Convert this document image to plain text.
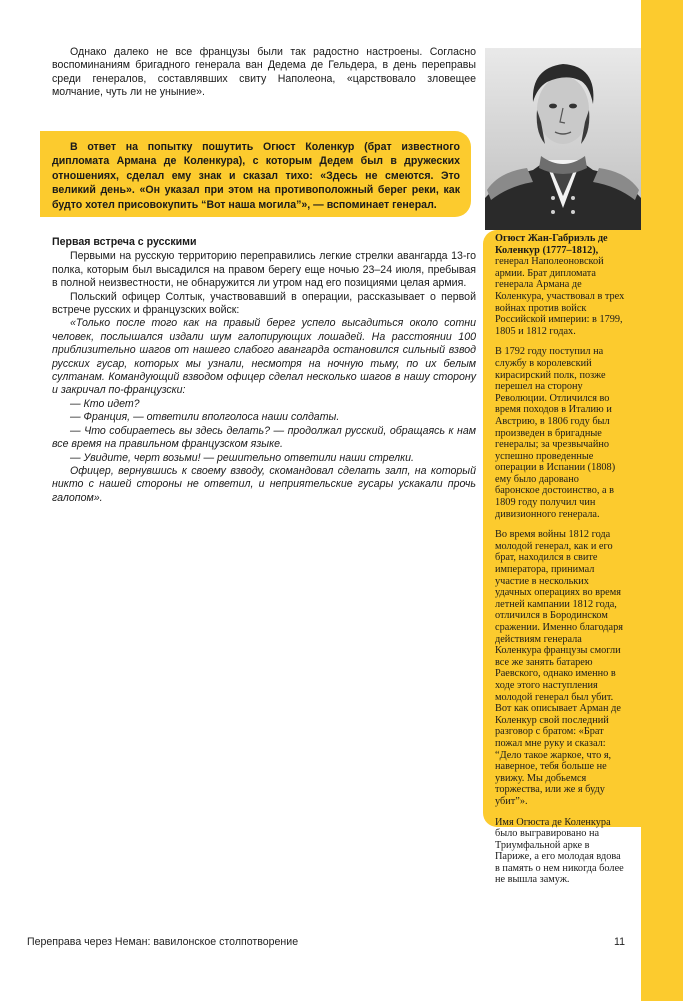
Однако далеко не все французы были так радостно настроены. Согласно воспоминаниям бригадного генерала ван Дедема де Гельдера, в день переправы среди генералов, составлявших свиту Наполеона, «царствовало зловещее молчание, чуть ли не уныние».

В ответ на попытку пошутить Огюст Коленкур (брат известного дипломата Армана де Коленкура), с которым Дедем был в дружеских отношениях, сделал ему знак и сказал тихо: «Здесь не смеются. Это великий день». «Он указал при этом на противоположный берег реки, как будто хотел присовокупить “Вот наша могила”», — вспоминает генерал.

Первая встреча с русскими

Первыми на русскую территорию переправились легкие стрелки авангарда 13-го полка, которым был высадился на правом берегу еще ночью 23–24 июля, пребывая в полной неизвестности, не обнаружится ли утром над его позициями целая армия.

Польский офицер Солтык, участвовавший в операции, рассказывает о первой встрече русских и французских войск:

«Только после того как на правый берег успело высадиться около сотни человек, послышался издали шум галопирующих лошадей. На расстоянии 100 приблизительно шагов от нашего слабого авангарда остановился сильный взвод русских гусар, которых мы узнали, несмотря на ночную тьму, по их белым султанам. Командующий взводом офицер сделал несколько шагов в нашу сторону и закричал по-французски:

— Кто идет?

— Франция, — ответили вполголоса наши солдаты.

— Что собираетесь вы здесь делать? — продолжал русский, обращаясь к нам все время на правильном французском языке.

— Увидите, черт возьми! — решительно ответили наши стрелки.

Офицер, вернувшись к своему взводу, скомандовал сделать залп, на который никто с нашей стороны не ответил, и неприятельские гусары ускакали прочь галопом».

Огюст Жан-Габриэль де Коленкур (1777–1812), генерал Наполеоновской армии. Брат дипломата генерала Армана де Коленкура, участвовал в трех войнах против войск Российской империи: в 1799, 1805 и 1812 годах.

В 1792 году поступил на службу в королевский кирасирский полк, позже перешел на сторону Революции. Отличился во время походов в Италию и Австрию, в 1806 году был произведен в бригадные генералы; за чрезвычайно успешно проведенные операции в Испании (1808) ему было даровано баронское достоинство, а в 1809 году получил чин дивизионного генерала.

Во время войны 1812 года молодой генерал, как и его брат, находился в свите императора, принимал участие в нескольких удачных операциях во время летней кампании 1812 года, отличился в Бородинском сражении. Именно благодаря действиям генерала Коленкура французы смогли все же занять батарею Раевского, однако именно в ходе этого наступления молодой генерал был убит. Вот как описывает Арман де Коленкур свой последний разговор с братом: «Брат пожал мне руку и сказал: “Дело такое жаркое, что я, наверное, тебя больше не увижу. Мы добьемся торжества, или же я буду убит”».

Имя Огюста де Коленкура было выгравировано на Триумфальной арке в Париже, а его молодая вдова в память о нем никогда более не вышла замуж.

Переправа через Неман: вавилонское столпотворение	11
